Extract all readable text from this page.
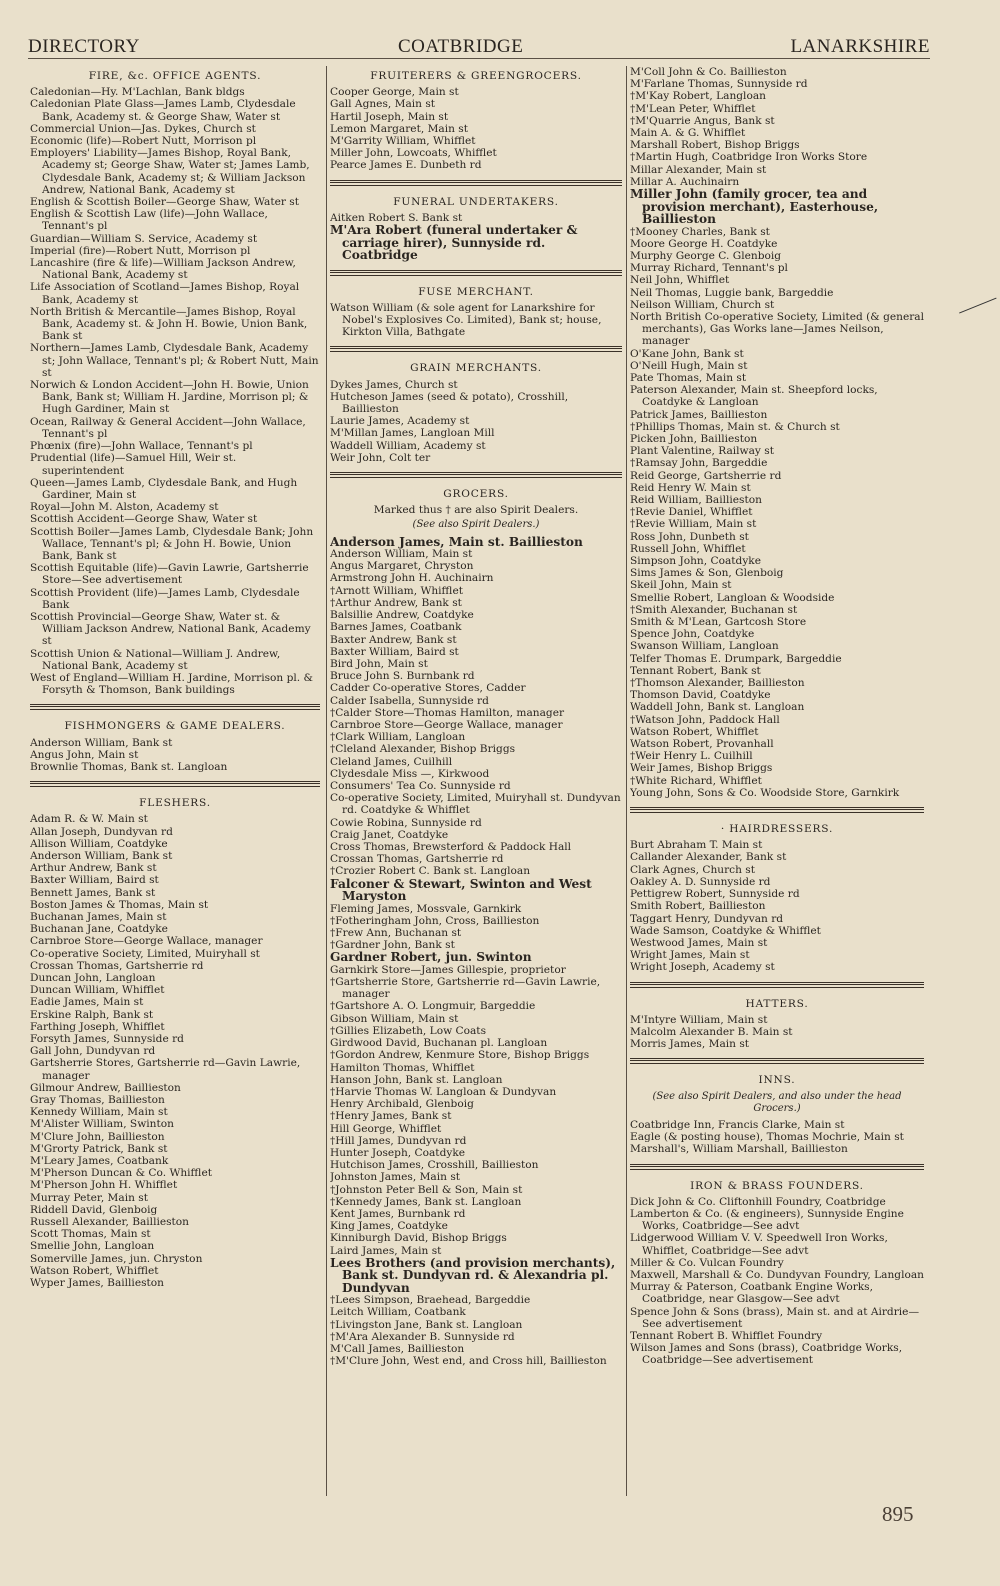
DIRECTORY	COATBRIDGE	LANARKSHIRE
FIRE, &c. OFFICE AGENTS.

Caledonian—Hy. M'Lachlan, Bank bldgs

Caledonian Plate Glass—James Lamb, Clydesdale Bank, Academy st. & George Shaw, Water st

Commercial Union—Jas. Dykes, Church st

Economic (life)—Robert Nutt, Morrison pl

Employers' Liability—James Bishop, Royal Bank, Academy st; George Shaw, Water st; James Lamb, Clydesdale Bank, Academy st; & William Jackson Andrew, National Bank, Academy st

English & Scottish Boiler—George Shaw, Water st

English & Scottish Law (life)—John Wallace, Tennant's pl

Guardian—William S. Service, Academy st

Imperial (fire)—Robert Nutt, Morrison pl

Lancashire (fire & life)—William Jackson Andrew, National Bank, Academy st

Life Association of Scotland—James Bishop, Royal Bank, Academy st

North British & Mercantile—James Bishop, Royal Bank, Academy st. & John H. Bowie, Union Bank, Bank st

Northern—James Lamb, Clydesdale Bank, Academy st; John Wallace, Tennant's pl; & Robert Nutt, Main st

Norwich & London Accident—John H. Bowie, Union Bank, Bank st; William H. Jardine, Morrison pl; & Hugh Gardiner, Main st

Ocean, Railway & General Accident—John Wallace, Tennant's pl

Phœnix (fire)—John Wallace, Tennant's pl

Prudential (life)—Samuel Hill, Weir st. superintendent

Queen—James Lamb, Clydesdale Bank, and Hugh Gardiner, Main st

Royal—John M. Alston, Academy st

Scottish Accident—George Shaw, Water st

Scottish Boiler—James Lamb, Clydesdale Bank; John Wallace, Tennant's pl; & John H. Bowie, Union Bank, Bank st

Scottish Equitable (life)—Gavin Lawrie, Gartsherrie Store—See advertisement

Scottish Provident (life)—James Lamb, Clydesdale Bank

Scottish Provincial—George Shaw, Water st. & William Jackson Andrew, National Bank, Academy st

Scottish Union & National—William J. Andrew, National Bank, Academy st

West of England—William H. Jardine, Morrison pl. & Forsyth & Thomson, Bank buildings

FISHMONGERS & GAME DEALERS.

Anderson William, Bank st

Angus John, Main st

Brownlie Thomas, Bank st. Langloan

FLESHERS.

Adam R. & W. Main st

Allan Joseph, Dundyvan rd

Allison William, Coatdyke

Anderson William, Bank st

Arthur Andrew, Bank st

Baxter William, Baird st

Bennett James, Bank st

Boston James & Thomas, Main st

Buchanan James, Main st

Buchanan Jane, Coatdyke

Carnbroe Store—George Wallace, manager

Co-operative Society, Limited, Muiryhall st

Crossan Thomas, Gartsherrie rd

Duncan John, Langloan

Duncan William, Whifflet

Eadie James, Main st

Erskine Ralph, Bank st

Farthing Joseph, Whifflet

Forsyth James, Sunnyside rd

Gall John, Dundyvan rd

Gartsherrie Stores, Gartsherrie rd—Gavin Lawrie, manager

Gilmour Andrew, Baillieston

Gray Thomas, Baillieston

Kennedy William, Main st

M'Alister William, Swinton

M'Clure John, Baillieston

M'Grorty Patrick, Bank st

M'Leary James, Coatbank

M'Pherson Duncan & Co. Whifflet

M'Pherson John H. Whifflet

Murray Peter, Main st

Riddell David, Glenboig

Russell Alexander, Baillieston

Scott Thomas, Main st

Smellie John, Langloan

Somerville James, jun. Chryston

Watson Robert, Whifflet

Wyper James, Baillieston

FRUITERERS & GREENGROCERS.

Cooper George, Main st

Gall Agnes, Main st

Hartil Joseph, Main st

Lemon Margaret, Main st

M'Garrity William, Whifflet

Miller John, Lowcoats, Whifflet

Pearce James E. Dunbeth rd

FUNERAL UNDERTAKERS.

Aitken Robert S. Bank st

M'Ara Robert (funeral undertaker & carriage hirer), Sunnyside rd. Coatbridge

FUSE MERCHANT.

Watson William (& sole agent for Lanarkshire for Nobel's Explosives Co. Limited), Bank st; house, Kirkton Villa, Bathgate

GRAIN MERCHANTS.

Dykes James, Church st

Hutcheson James (seed & potato), Crosshill, Baillieston

Laurie James, Academy st

M'Millan James, Langloan Mill

Waddell William, Academy st

Weir John, Colt ter

GROCERS.
Marked thus † are also Spirit Dealers.
(See also Spirit Dealers.)

Anderson James, Main st. Baillieston

Anderson William, Main st

Angus Margaret, Chryston

Armstrong John H. Auchinairn

†Arnott William, Whifflet

†Arthur Andrew, Bank st

Balsillie Andrew, Coatdyke

Barnes James, Coatbank

Baxter Andrew, Bank st

Baxter William, Baird st

Bird John, Main st

Bruce John S. Burnbank rd

Cadder Co-operative Stores, Cadder

Calder Isabella, Sunnyside rd

†Calder Store—Thomas Hamilton, manager

Carnbroe Store—George Wallace, manager

†Clark William, Langloan

†Cleland Alexander, Bishop Briggs

Cleland James, Cuilhill

Clydesdale Miss —, Kirkwood

Consumers' Tea Co. Sunnyside rd

Co-operative Society, Limited, Muiryhall st. Dundyvan rd. Coatdyke & Whifflet

Cowie Robina, Sunnyside rd

Craig Janet, Coatdyke

Cross Thomas, Brewsterford & Paddock Hall

Crossan Thomas, Gartsherrie rd

†Crozier Robert C. Bank st. Langloan

Falconer & Stewart, Swinton and West Maryston

Fleming James, Mossvale, Garnkirk

†Fotheringham John, Cross, Baillieston

†Frew Ann, Buchanan st

†Gardner John, Bank st

Gardner Robert, jun. Swinton

Garnkirk Store—James Gillespie, proprietor

†Gartsherrie Store, Gartsherrie rd—Gavin Lawrie, manager

†Gartshore A. O. Longmuir, Bargeddie

Gibson William, Main st

†Gillies Elizabeth, Low Coats

Girdwood David, Buchanan pl. Langloan

†Gordon Andrew, Kenmure Store, Bishop Briggs

Hamilton Thomas, Whifflet

Hanson John, Bank st. Langloan

†Harvie Thomas W. Langloan & Dundyvan

Henry Archibald, Glenboig

†Henry James, Bank st

Hill George, Whifflet

†Hill James, Dundyvan rd

Hunter Joseph, Coatdyke

Hutchison James, Crosshill, Baillieston

Johnston James, Main st

†Johnston Peter Bell & Son, Main st

†Kennedy James, Bank st. Langloan

Kent James, Burnbank rd

King James, Coatdyke

Kinniburgh David, Bishop Briggs

Laird James, Main st

Lees Brothers (and provision merchants), Bank st. Dundyvan rd. & Alexandria pl. Dundyvan

†Lees Simpson, Braehead, Bargeddie

Leitch William, Coatbank

†Livingston Jane, Bank st. Langloan

†M'Ara Alexander B. Sunnyside rd

M'Call James, Baillieston

†M'Clure John, West end, and Cross hill, Baillieston

M'Coll John & Co. Baillieston

M'Farlane Thomas, Sunnyside rd

†M'Kay Robert, Langloan

†M'Lean Peter, Whifflet

†M'Quarrie Angus, Bank st

Main A. & G. Whifflet

Marshall Robert, Bishop Briggs

†Martin Hugh, Coatbridge Iron Works Store

Millar Alexander, Main st

Millar A. Auchinairn

Miller John (family grocer, tea and provision merchant), Easterhouse, Baillieston

†Mooney Charles, Bank st

Moore George H. Coatdyke

Murphy George C. Glenboig

Murray Richard, Tennant's pl

Neil John, Whifflet

Neil Thomas, Luggie bank, Bargeddie

Neilson William, Church st

North British Co-operative Society, Limited (& general merchants), Gas Works lane—James Neilson, manager

O'Kane John, Bank st

O'Neill Hugh, Main st

Pate Thomas, Main st

Paterson Alexander, Main st. Sheepford locks, Coatdyke & Langloan

Patrick James, Baillieston

†Phillips Thomas, Main st. & Church st

Picken John, Baillieston

Plant Valentine, Railway st

†Ramsay John, Bargeddie

Reid George, Gartsherrie rd

Reid Henry W. Main st

Reid William, Baillieston

†Revie Daniel, Whifflet

†Revie William, Main st

Ross John, Dunbeth st

Russell John, Whifflet

Simpson John, Coatdyke

Sims James & Son, Glenboig

Skeil John, Main st

Smellie Robert, Langloan & Woodside

†Smith Alexander, Buchanan st

Smith & M'Lean, Gartcosh Store

Spence John, Coatdyke

Swanson William, Langloan

Telfer Thomas E. Drumpark, Bargeddie

Tennant Robert, Bank st

†Thomson Alexander, Baillieston

Thomson David, Coatdyke

Waddell John, Bank st. Langloan

†Watson John, Paddock Hall

Watson Robert, Whifflet

Watson Robert, Provanhall

†Weir Henry L. Cuilhill

Weir James, Bishop Briggs

†White Richard, Whifflet

Young John, Sons & Co. Woodside Store, Garnkirk

· HAIRDRESSERS.

Burt Abraham T. Main st

Callander Alexander, Bank st

Clark Agnes, Church st

Oakley A. D. Sunnyside rd

Pettigrew Robert, Sunnyside rd

Smith Robert, Baillieston

Taggart Henry, Dundyvan rd

Wade Samson, Coatdyke & Whifflet

Westwood James, Main st

Wright James, Main st

Wright Joseph, Academy st

HATTERS.

M'Intyre William, Main st

Malcolm Alexander B. Main st

Morris James, Main st

INNS.
(See also Spirit Dealers, and also under the head Grocers.)

Coatbridge Inn, Francis Clarke, Main st

Eagle (& posting house), Thomas Mochrie, Main st

Marshall's, William Marshall, Baillieston

IRON & BRASS FOUNDERS.

Dick John & Co. Cliftonhill Foundry, Coatbridge

Lamberton & Co. (& engineers), Sunnyside Engine Works, Coatbridge—See advt

Lidgerwood William V. V. Speedwell Iron Works, Whifflet, Coatbridge—See advt

Miller & Co. Vulcan Foundry

Maxwell, Marshall & Co. Dundyvan Foundry, Langloan

Murray & Paterson, Coatbank Engine Works, Coatbridge, near Glasgow—See advt

Spence John & Sons (brass), Main st. and at Airdrie—See advertisement

Tennant Robert B. Whifflet Foundry

Wilson James and Sons (brass), Coatbridge Works, Coatbridge—See advertisement

895
